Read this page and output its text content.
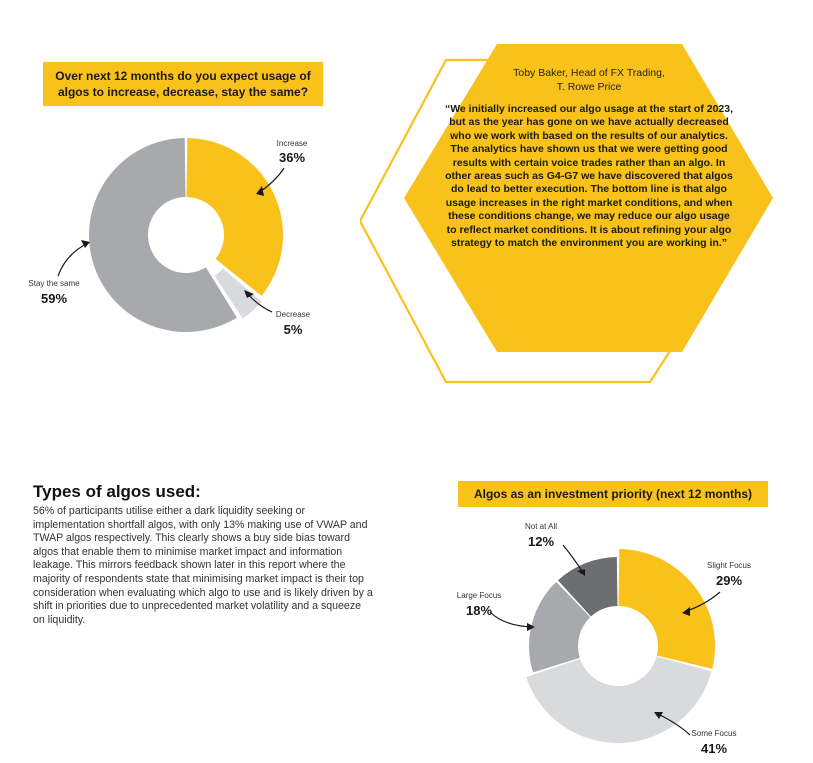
Over next 12 months do you expect usage of algos to increase, decrease, stay the same?
Increase
36%
Decrease
5%
Stay the same
59%
Toby Baker, Head of FX Trading, T. Rowe Price
“We initially increased our algo usage at the start of 2023, but as the year has gone on we have actually decreased who we work with based on the results of our analytics. The analytics have shown us that we were getting good results with certain voice trades rather than an algo. In other areas such as G4-G7 we have discovered that algos do lead to better execution. The bottom line is that algo usage increases in the right market conditions, and when these conditions change, we may reduce our algo usage to reflect market conditions. It is about refining your algo strategy to match the environment you are working in.”
Types of algos used:
56% of participants utilise either a dark liquidity seeking or implementation shortfall algos, with only 13% making use of VWAP and TWAP algos respectively. This clearly shows a buy side bias toward algos that enable them to minimise market impact and information leakage. This mirrors feedback shown later in this report where the majority of respondents state that minimising market impact is their top consideration when evaluating which algo to use and is likely driven by a shift in priorities due to unprecedented market volatility and a squeeze on liquidity.
Algos as an investment priority (next 12 months)
Slight Focus
29%
Some Focus
41%
Large Focus
18%
Not at All
12%
